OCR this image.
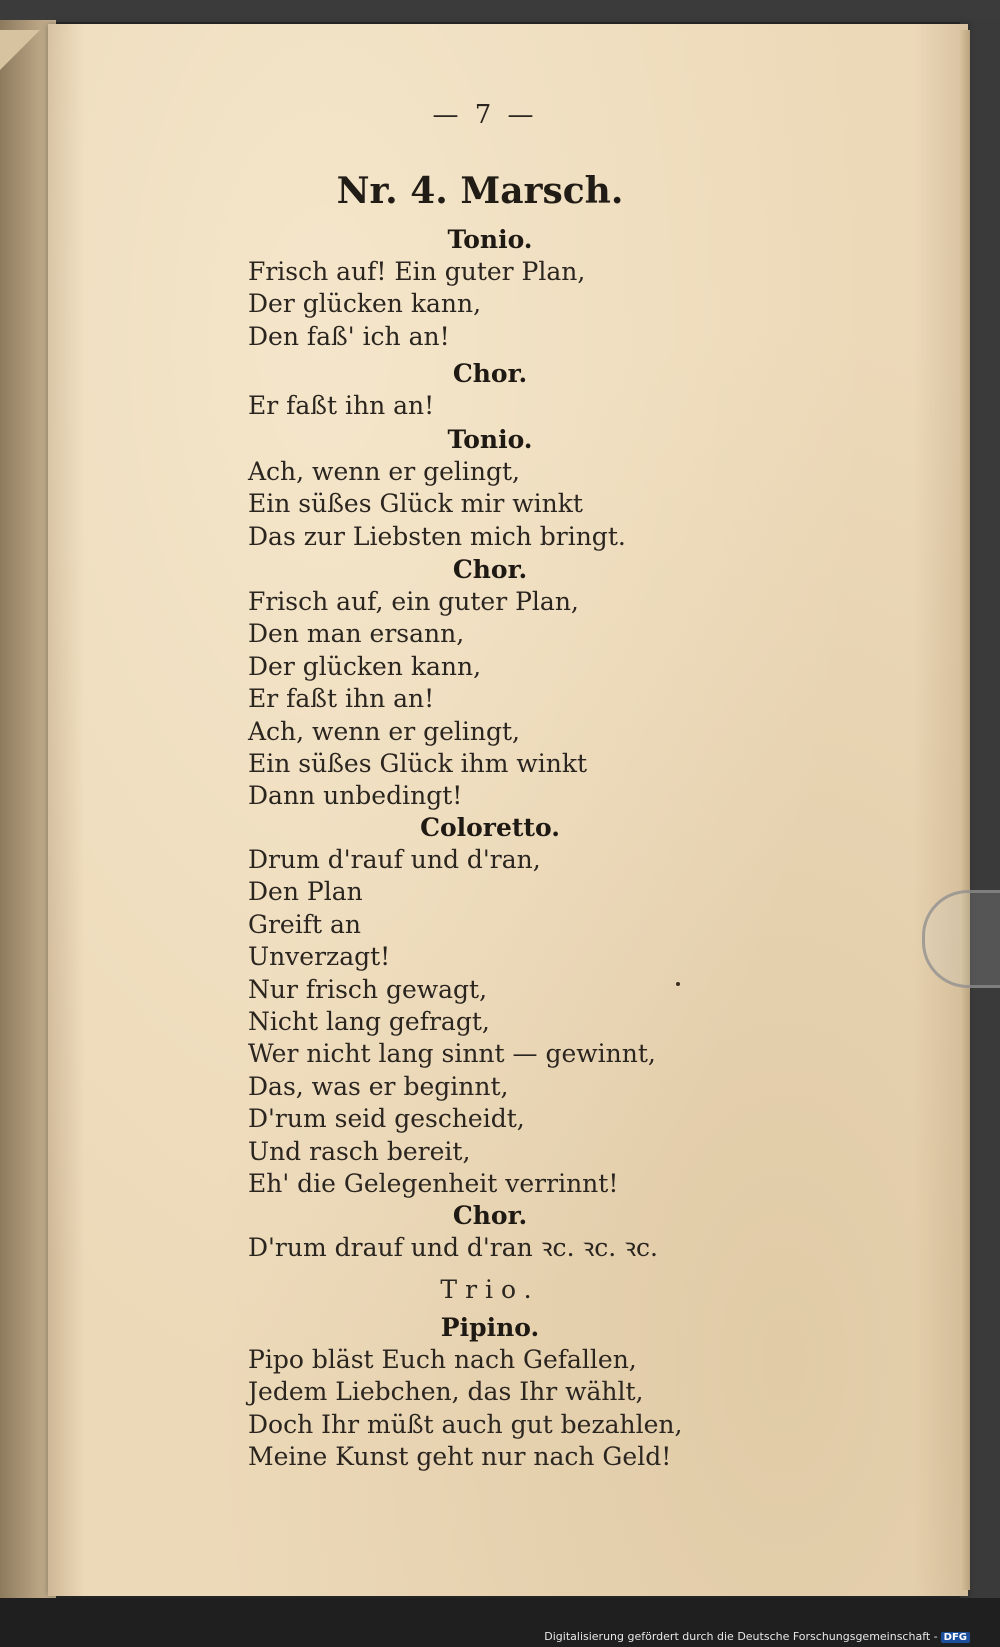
— 7 —
Nr. 4. Marsch.
Tonio.
Frisch auf! Ein guter Plan,
Der glücken kann,
Den faß' ich an!
Chor.
Er faßt ihn an!
Tonio.
Ach, wenn er gelingt,
Ein süßes Glück mir winkt
Das zur Liebsten mich bringt.
Chor.
Frisch auf, ein guter Plan,
Den man ersann,
Der glücken kann,
Er faßt ihn an!
Ach, wenn er gelingt,
Ein süßes Glück ihm winkt
Dann unbedingt!
Coloretto.
Drum d'rauf und d'ran,
Den Plan
Greift an
Unverzagt!
Nur frisch gewagt,
Nicht lang gefragt,
Wer nicht lang sinnt — gewinnt,
Das, was er beginnt,
D'rum seid gescheidt,
Und rasch bereit,
Eh' die Gelegenheit verrinnt!
Chor.
D'rum drauf und d'ran ꝛc. ꝛc. ꝛc.
Trio.
Pipino.
Pipo bläst Euch nach Gefallen,
Jedem Liebchen, das Ihr wählt,
Doch Ihr müßt auch gut bezahlen,
Meine Kunst geht nur nach Geld!
Digitalisierung gefördert durch die Deutsche Forschungsgemeinschaft - DFG
